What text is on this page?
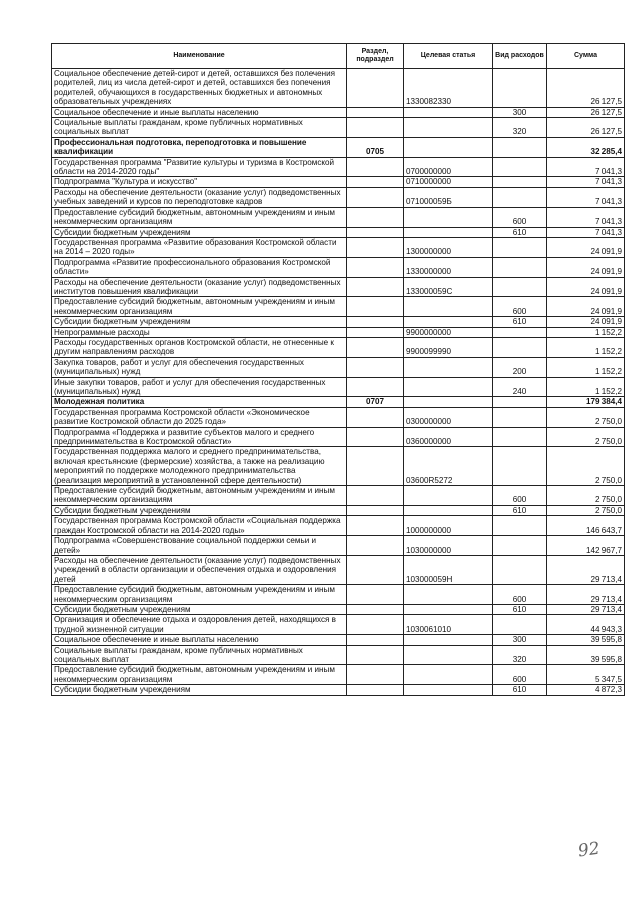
Наименование	Раздел, подраздел	Целевая статья	Вид расходов	Сумма
Социальное обеспечение детей-сирот и детей, оставшихся без полечения родителей, лиц из числа детей-сирот и детей, оставшихся без попечения родителей, обучающихся в государственных бюджетных и автономных образовательных учреждениях		1330082330		26 127,5
Социальное обеспечение и иные выплаты населению			300	26 127,5
Социальные выплаты гражданам, кроме публичных нормативных социальных выплат			320	26 127,5
Профессиональная подготовка, переподготовка и повышение квалификации	0705			32 285,4
Государственная программа "Развитие культуры и туризма в Костромской области на 2014-2020 годы"		0700000000		7 041,3
Подпрограмма "Культура и искусство"		0710000000		7 041,3
Расходы на обеспечение деятельности (оказание услуг) подведомственных учебных заведений и курсов по переподготовке кадров		071000059Б		7 041,3
Предоставление субсидий бюджетным, автономным учреждениям и иным некоммерческим организациям			600	7 041,3
Субсидии бюджетным учреждениям			610	7 041,3
Государственная программа «Развитие образования Костромской области на 2014 – 2020 годы»		1300000000		24 091,9
Подпрограмма «Развитие профессионального образования Костромской области»		1330000000		24 091,9
Расходы на обеспечение деятельности (оказание услуг) подведомственных институтов повышения квалификации		133000059С		24 091,9
Предоставление субсидий бюджетным, автономным учреждениям и иным некоммерческим организациям			600	24 091,9
Субсидии бюджетным учреждениям			610	24 091,9
Непрограммные расходы		9900000000		1 152,2
Расходы государственных органов Костромской области, не отнесенные к другим направлениям расходов		9900099990		1 152,2
Закупка товаров, работ и услуг для обеспечения государственных (муниципальных) нужд			200	1 152,2
Иные закупки товаров, работ и услуг для обеспечения государственных (муниципальных) нужд			240	1 152,2
Молодежная политика	0707			179 384,4
Государственная программа Костромской области «Экономическое развитие Костромской области до 2025 года»		0300000000		2 750,0
Подпрограмма «Поддержка и развитие субъектов малого и среднего предпринимательства в Костромской области»		0360000000		2 750,0
Государственная поддержка малого и среднего предпринимательства, включая крестьянские (фермерские) хозяйства, а также на реализацию мероприятий по поддержке молодежного предпринимательства (реализация мероприятий в установленной сфере деятельности)		03600R5272		2 750,0
Предоставление субсидий бюджетным, автономным учреждениям и иным некоммерческим организациям			600	2 750,0
Субсидии бюджетным учреждениям			610	2 750,0
Государственная программа Костромской области «Социальная поддержка граждан Костромской области на 2014-2020 годы»		1000000000		146 643,7
Подпрограмма «Совершенствование социальной поддержки семьи и детей»		1030000000		142 967,7
Расходы на обеспечение деятельности (оказание услуг) подведомственных учреждений в области организации и обеспечения отдыха и оздоровления детей		103000059Н		29 713,4
Предоставление субсидий бюджетным, автономным учреждениям и иным некоммерческим организациям			600	29 713,4
Субсидии бюджетным учреждениям			610	29 713,4
Организация и обеспечение отдыха и оздоровления детей, находящихся в трудной жизненной ситуации		1030061010		44 943,3
Социальное обеспечение и иные выплаты населению			300	39 595,8
Социальные выплаты гражданам, кроме публичных нормативных социальных выплат			320	39 595,8
Предоставление субсидий бюджетным, автономным учреждениям и иным некоммерческим организациям			600	5 347,5
Субсидии бюджетным учреждениям			610	4 872,3
92
